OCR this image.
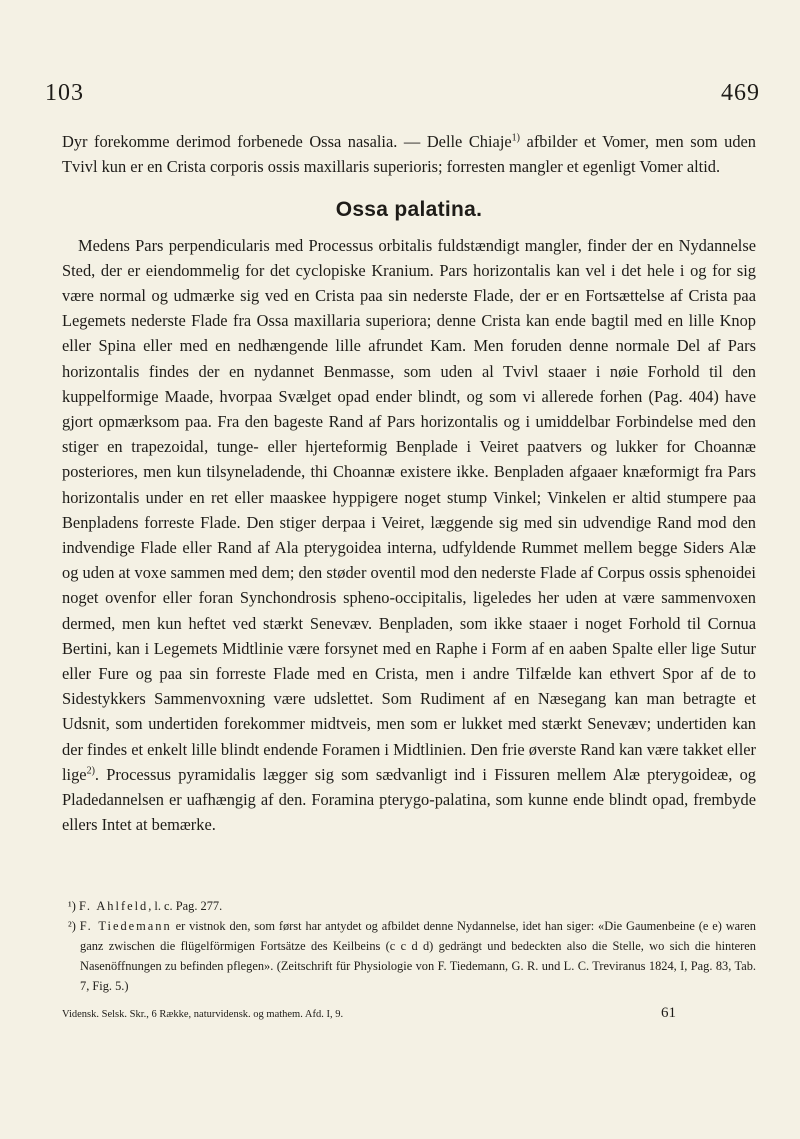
103	469

Dyr forekomme derimod forbenede Ossa nasalia. — Delle Chiaje$^{1)}$ afbilder et Vomer, men som uden Tvivl kun er en Crista corporis ossis maxillaris superioris; forresten mangler et egenligt Vomer altid.

Ossa palatina.

Medens Pars perpendicularis med Processus orbitalis fuldstændigt mangler, finder der en Nydannelse Sted, der er eiendommelig for det cyclopiske Kranium. Pars horizontalis kan vel i det hele i og for sig være normal og udmærke sig ved en Crista paa sin nederste Flade, der er en Fortsættelse af Crista paa Legemets nederste Flade fra Ossa maxillaria superiora; denne Crista kan ende bagtil med en lille Knop eller Spina eller med en nedhængende lille afrundet Kam. Men foruden denne normale Del af Pars horizontalis findes der en nydannet Benmasse, som uden al Tvivl staaer i nøie Forhold til den kuppelformige Maade, hvorpaa Svælget opad ender blindt, og som vi allerede forhen (Pag. 404) have gjort opmærksom paa. Fra den bageste Rand af Pars horizontalis og i umiddelbar Forbindelse med den stiger en trapezoidal, tunge- eller hjerteformig Benplade i Veiret paatvers og lukker for Choannæ posteriores, men kun tilsyneladende, thi Choannæ existere ikke. Benpladen afgaaer knæformigt fra Pars horizontalis under en ret eller maaskee hyppigere noget stump Vinkel; Vinkelen er altid stumpere paa Benpladens forreste Flade. Den stiger derpaa i Veiret, læggende sig med sin udvendige Rand mod den indvendige Flade eller Rand af Ala pterygoidea interna, udfyldende Rummet mellem begge Siders Alæ og uden at voxe sammen med dem; den støder oventil mod den nederste Flade af Corpus ossis sphenoidei noget ovenfor eller foran Synchondrosis spheno-occipitalis, ligeledes her uden at være sammenvoxen dermed, men kun heftet ved stærkt Senevæv. Benpladen, som ikke staaer i noget Forhold til Cornua Bertini, kan i Legemets Midtlinie være forsynet med en Raphe i Form af en aaben Spalte eller lige Sutur eller Fure og paa sin forreste Flade med en Crista, men i andre Tilfælde kan ethvert Spor af de to Sidestykkers Sammenvoxning være udslettet. Som Rudiment af en Næsegang kan man betragte et Udsnit, som undertiden forekommer midtveis, men som er lukket med stærkt Senevæv; undertiden kan der findes et enkelt lille blindt endende Foramen i Midtlinien. Den frie øverste Rand kan være takket eller lige$^{2)}$. Processus pyramidalis lægger sig som sædvanligt ind i Fissuren mellem Alæ pterygoideæ, og Pladedannelsen er uafhængig af den. Foramina pterygo-palatina, som kunne ende blindt opad, frembyde ellers Intet at bemærke.

¹) F. Ahlfeld, l. c. Pag. 277.

²) F. Tiedemann er vistnok den, som først har antydet og afbildet denne Nydannelse, idet han siger: «Die Gaumenbeine (e e) waren ganz zwischen die flügelförmigen Fortsätze des Keilbeins (c c d d) gedrängt und bedeckten also die Stelle, wo sich die hinteren Nasenöffnungen zu befinden pflegen». (Zeitschrift für Physiologie von F. Tiedemann, G. R. und L. C. Treviranus 1824, I, Pag. 83, Tab. 7, Fig. 5.)

Vidensk. Selsk. Skr., 6 Række, naturvidensk. og mathem. Afd. I, 9.	61
